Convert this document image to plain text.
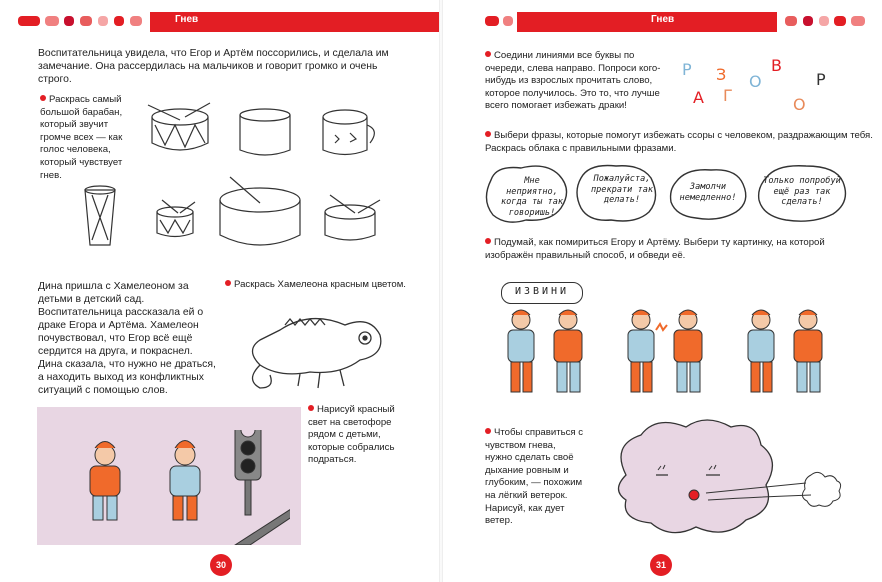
Гнев
Воспитательница увидела, что Егор и Артём поссорились, и сделала им замечание. Она рассердилась на мальчиков и говорит громко и очень строго.
Раскрась самый большой барабан, который звучит громче всех — как голос человека, который чувствует гнев.
Дина пришла с Хамелеоном за детьми в детский сад. Воспитательница рассказала ей о драке Егора и Артёма. Хамелеон почувствовал, что Егор всё ещё сердится на друга, и покраснел.
Дина сказала, что нужно не драться, а находить выход из конфликтных ситуаций с помощью слов.
Раскрась Хамелеона красным цветом.
Нарисуй красный свет на светофоре рядом с детьми, которые собрались подраться.
30
Гнев
Соедини линиями все буквы по очереди, слева направо. Попроси кого-нибудь из взрослых прочитать слово, которое получилось. Это то, что лучше всего помогает избежать драки!	А
Р
Г
З О
В
О
Р
Выбери фразы, которые помогут избежать ссоры с человеком, раздражающим тебя. Раскрась облака с правильными фразами.
Мне неприятно, когда ты так говоришь!
Пожалуйста, прекрати так делать!
Замолчи немедленно!
Только попробуй ещё раз так сделать!
Подумай, как помириться Егору и Артёму. Выбери ту картинку, на которой изображён правильный способ, и обведи её.
ИЗВИНИ
Чтобы справиться с чувством гнева, нужно сделать своё дыхание ровным и глубоким, — похожим на лёгкий ветерок. Нарисуй, как дует ветер.
31
